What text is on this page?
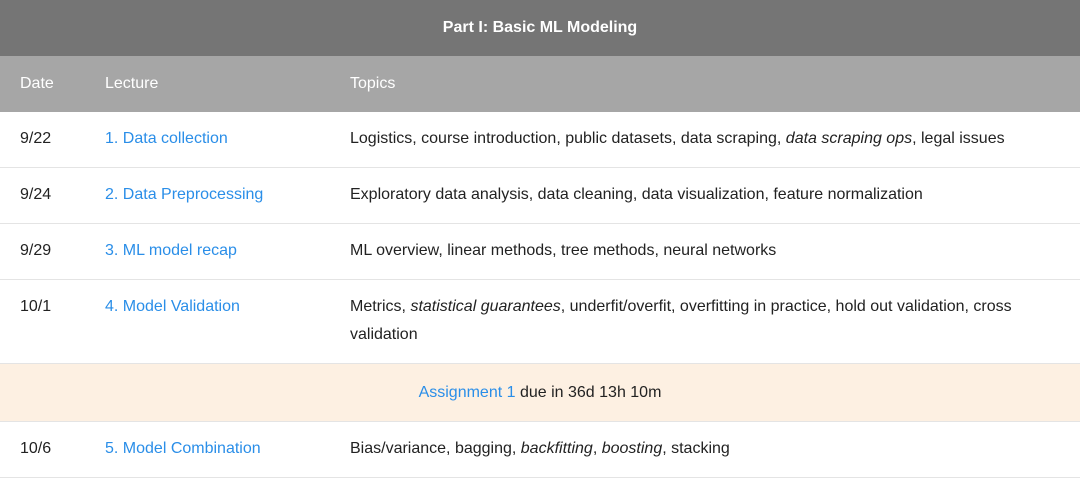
Part I: Basic ML Modeling		
Date	Lecture	Topics
9/22	1. Data collection	Logistics, course introduction, public datasets, data scraping, data scraping ops, legal issues
9/24	2. Data Preprocessing	Exploratory data analysis, data cleaning, data visualization, feature normalization
9/29	3. ML model recap	ML overview, linear methods, tree methods, neural networks
10/1	4. Model Validation	Metrics, statistical guarantees, underfit/overfit, overfitting in practice, hold out validation, cross validation
Assignment 1 due in 36d 13h 10m		
10/6	5. Model Combination	Bias/variance, bagging, backfitting, boosting, stacking
